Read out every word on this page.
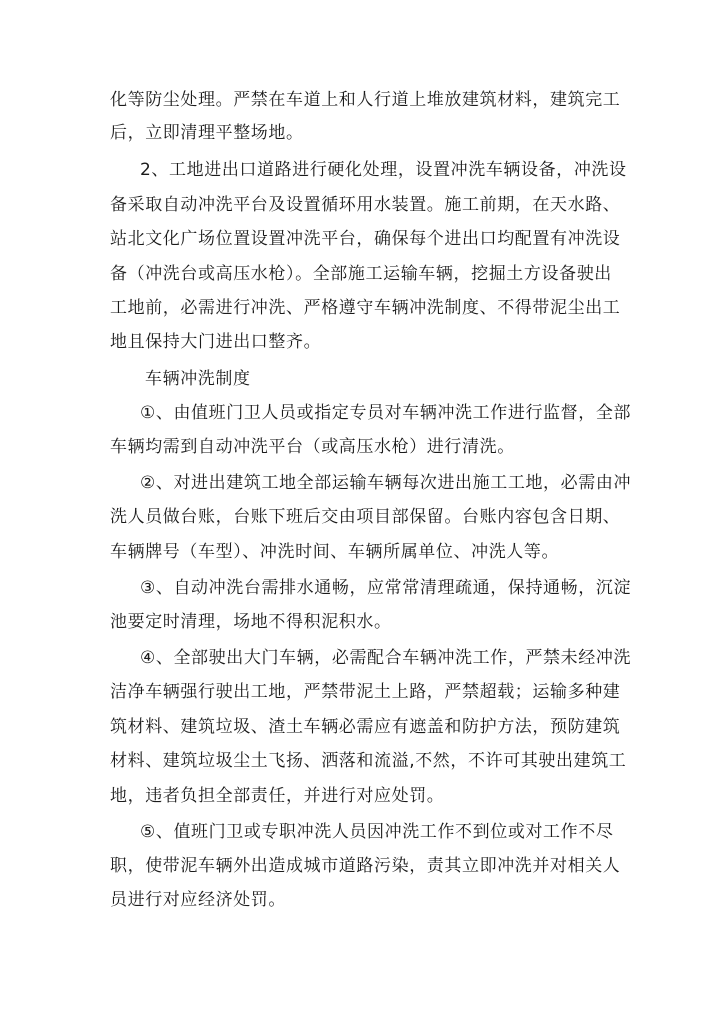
化等防尘处理。严禁在车道上和人行道上堆放建筑材料，建筑完工
后，立即清理平整场地。
2、工地进出口道路进行硬化处理，设置冲洗车辆设备，冲洗设
备采取自动冲洗平台及设置循环用水装置。施工前期，在天水路、
站北文化广场位置设置冲洗平台，确保每个进出口均配置有冲洗设
备（冲洗台或高压水枪）。全部施工运输车辆，挖掘土方设备驶出
工地前，必需进行冲洗、严格遵守车辆冲洗制度、不得带泥尘出工
地且保持大门进出口整齐。
车辆冲洗制度
①、由值班门卫人员或指定专员对车辆冲洗工作进行监督，全部
车辆均需到自动冲洗平台（或高压水枪）进行清洗。
②、对进出建筑工地全部运输车辆每次进出施工工地，必需由冲
洗人员做台账，台账下班后交由项目部保留。台账内容包含日期、
车辆牌号（车型）、冲洗时间、车辆所属单位、冲洗人等。
③、自动冲洗台需排水通畅，应常常清理疏通，保持通畅，沉淀
池要定时清理，场地不得积泥积水。
④、全部驶出大门车辆，必需配合车辆冲洗工作，严禁未经冲洗
洁净车辆强行驶出工地，严禁带泥土上路，严禁超载；运输多种建
筑材料、建筑垃圾、渣土车辆必需应有遮盖和防护方法，预防建筑
材料、建筑垃圾尘土飞扬、洒落和流溢,不然，不许可其驶出建筑工
地，违者负担全部责任，并进行对应处罚。
⑤、值班门卫或专职冲洗人员因冲洗工作不到位或对工作不尽
职，使带泥车辆外出造成城市道路污染，责其立即冲洗并对相关人
员进行对应经济处罚。
